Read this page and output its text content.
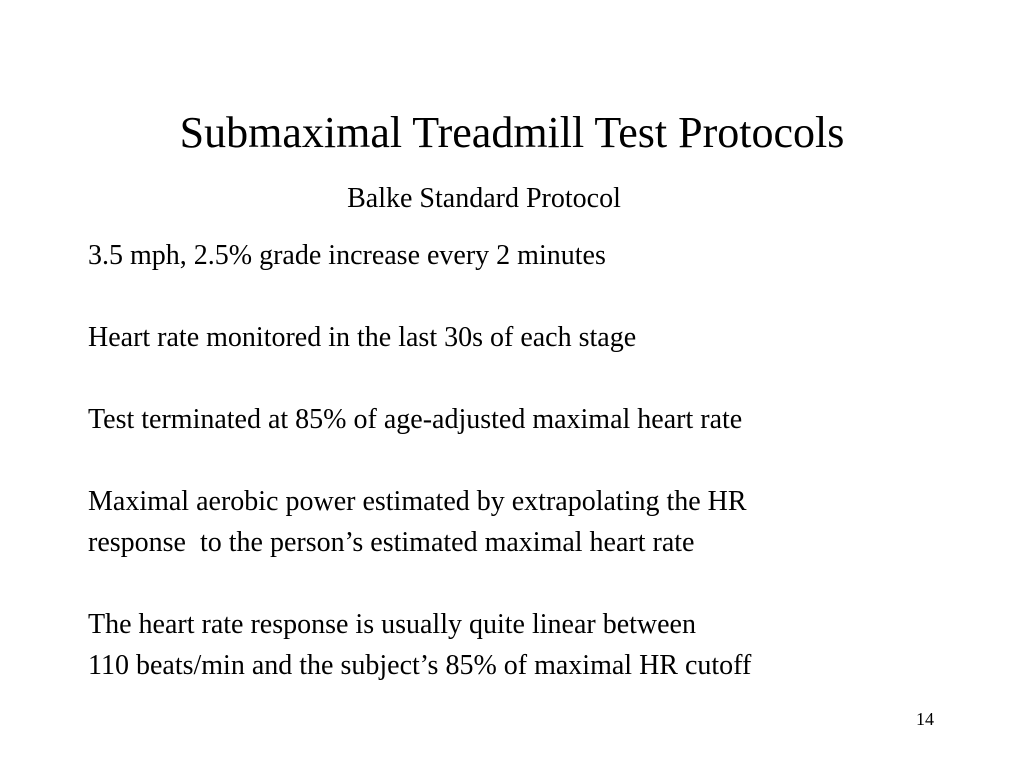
Submaximal Treadmill Test Protocols
Balke Standard Protocol
3.5 mph, 2.5% grade increase every 2 minutes
Heart rate monitored in the last 30s of each stage
Test terminated at 85% of age-adjusted maximal heart rate
Maximal aerobic power estimated by extrapolating the HR
response  to the person’s estimated maximal heart rate
The heart rate response is usually quite linear between
110 beats/min and the subject’s 85% of maximal HR cutoff
14
